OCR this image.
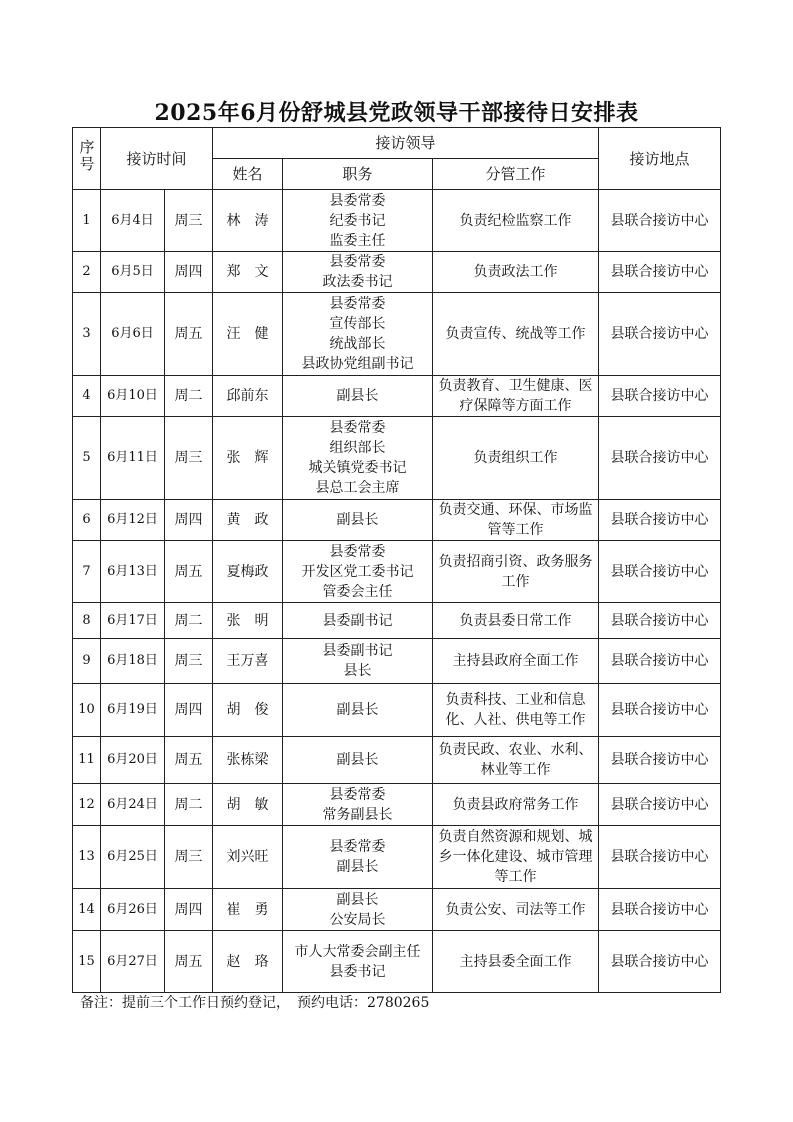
2025年6月份舒城县党政领导干部接待日安排表
序号	接访时间		接访领导			接访地点
			姓名	职务	分管工作	
1	6月4日	周三	林　涛	县委常委
纪委书记
监委主任	负责纪检监察工作	县联合接访中心
2	6月5日	周四	郑　文	县委常委
政法委书记	负责政法工作	县联合接访中心
3	6月6日	周五	汪　健	县委常委
宣传部长
统战部长
县政协党组副书记	负责宣传、统战等工作	县联合接访中心
4	6月10日	周二	邱前东	副县长	负责教育、卫生健康、医疗保障等方面工作	县联合接访中心
5	6月11日	周三	张　辉	县委常委
组织部长
城关镇党委书记
县总工会主席	负责组织工作	县联合接访中心
6	6月12日	周四	黄　政	副县长	负责交通、环保、市场监管等工作	县联合接访中心
7	6月13日	周五	夏梅政	县委常委
开发区党工委书记
管委会主任	负责招商引资、政务服务工作	县联合接访中心
8	6月17日	周二	张　明	县委副书记	负责县委日常工作	县联合接访中心
9	6月18日	周三	王万喜	县委副书记
县长	主持县政府全面工作	县联合接访中心
10	6月19日	周四	胡　俊	副县长	负责科技、工业和信息化、人社、供电等工作	县联合接访中心
11	6月20日	周五	张栋梁	副县长	负责民政、农业、水利、林业等工作	县联合接访中心
12	6月24日	周二	胡　敏	县委常委
常务副县长	负责县政府常务工作	县联合接访中心
13	6月25日	周三	刘兴旺	县委常委
副县长	负责自然资源和规划、城乡一体化建设、城市管理等工作	县联合接访中心
14	6月26日	周四	崔　勇	副县长
公安局长	负责公安、司法等工作	县联合接访中心
15	6月27日	周五	赵　珞	市人大常委会副主任
县委书记	主持县委全面工作	县联合接访中心
备注：提前三个工作日预约登记，　 预约电话：2780265
